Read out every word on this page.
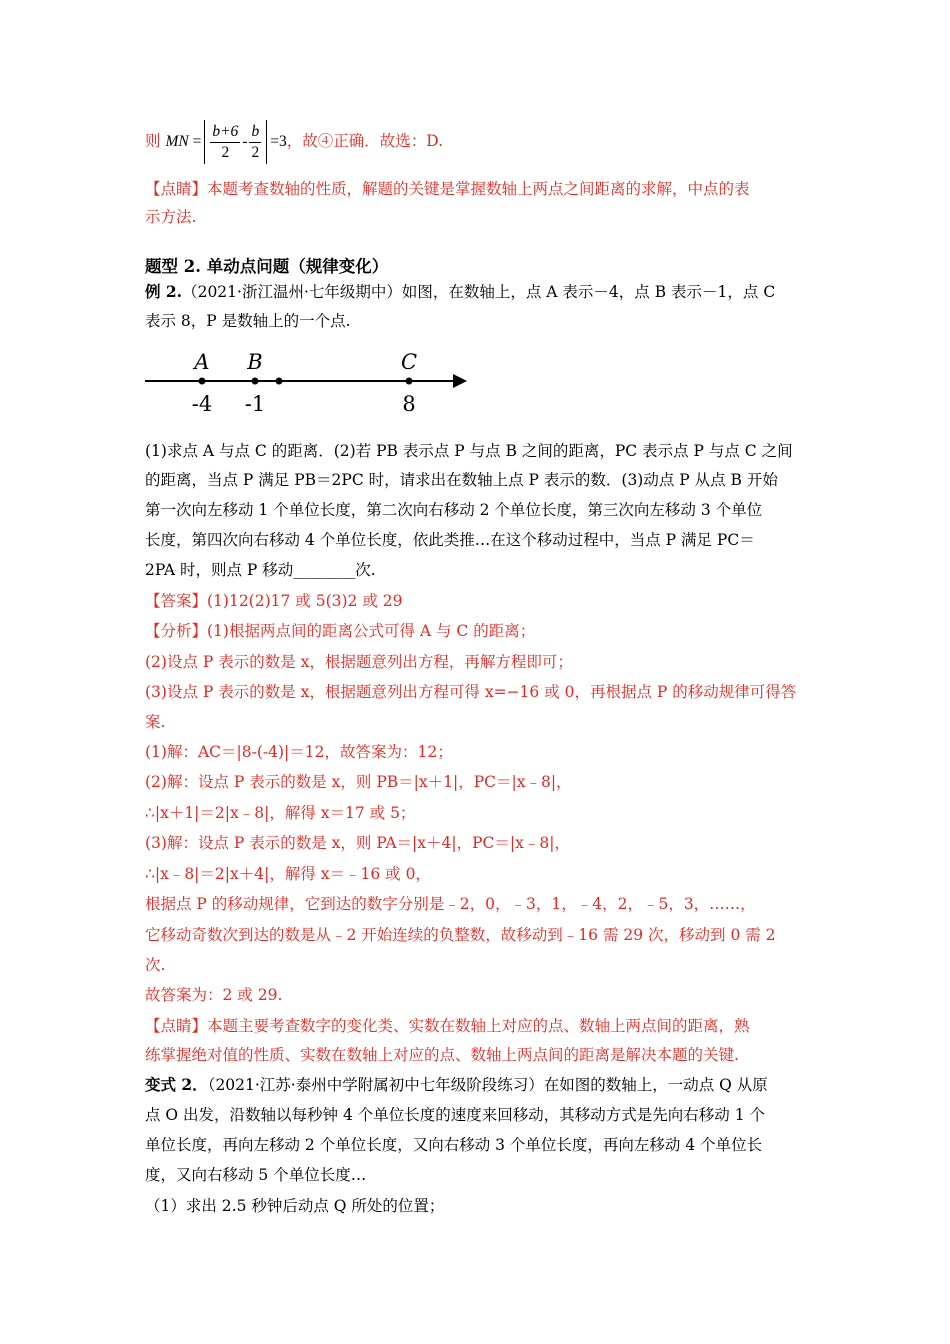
则 MN = $\frac{b+6}{2} - \frac{b}{2} =3$，故④正确．故选：D.
【点睛】本题考查数轴的性质，解题的关键是掌握数轴上两点之间距离的求解，中点的表
示方法.
题型 2. 单动点问题（规律变化）
例 2.（2021·浙江温州·七年级期中）如图，在数轴上，点 A 表示－4，点 B 表示－1，点 C
表示 8，P 是数轴上的一个点.
A B	C
-4 -1	8
(1)求点 A 与点 C 的距离．(2)若 PB 表示点 P 与点 B 之间的距离，PC 表示点 P 与点 C 之间
的距离，当点 P 满足 PB＝2PC 时，请求出在数轴上点 P 表示的数．(3)动点 P 从点 B 开始
第一次向左移动 1 个单位长度，第二次向右移动 2 个单位长度，第三次向左移动 3 个单位
长度，第四次向右移动 4 个单位长度，依此类推…在这个移动过程中，当点 P 满足 PC＝
2PA 时，则点 P 移动________次.
【答案】(1)12(2)17 或 5(3)2 或 29
【分析】(1)根据两点间的距离公式可得 A 与 C 的距离；
(2)设点 P 表示的数是 x，根据题意列出方程，再解方程即可；
(3)设点 P 表示的数是 x，根据题意列出方程可得 x=−16 或 0，再根据点 P 的移动规律可得答
案.
(1)解：AC＝|8-(-4)|＝12，故答案为：12；
(2)解：设点 P 表示的数是 x，则 PB＝|x＋1|，PC＝|x﹣8|，
∴|x＋1|＝2|x﹣8|，解得 x＝17 或 5；
(3)解：设点 P 表示的数是 x，则 PA＝|x＋4|，PC＝|x﹣8|，
∴|x﹣8|＝2|x＋4|，解得 x＝﹣16 或 0，
根据点 P 的移动规律，它到达的数字分别是﹣2，0，﹣3，1，﹣4，2，﹣5，3，……，
它移动奇数次到达的数是从﹣2 开始连续的负整数，故移动到﹣16 需 29 次，移动到 0 需 2
次.
故答案为：2 或 29.
【点睛】本题主要考查数字的变化类、实数在数轴上对应的点、数轴上两点间的距离，熟
练掌握绝对值的性质、实数在数轴上对应的点、数轴上两点间的距离是解决本题的关键.
变式 2．（2021·江苏·泰州中学附属初中七年级阶段练习）在如图的数轴上，一动点 Q 从原
点 O 出发，沿数轴以每秒钟 4 个单位长度的速度来回移动，其移动方式是先向右移动 1 个
单位长度，再向左移动 2 个单位长度，又向右移动 3 个单位长度，再向左移动 4 个单位长
度，又向右移动 5 个单位长度…
（1）求出 2.5 秒钟后动点 Q 所处的位置；
